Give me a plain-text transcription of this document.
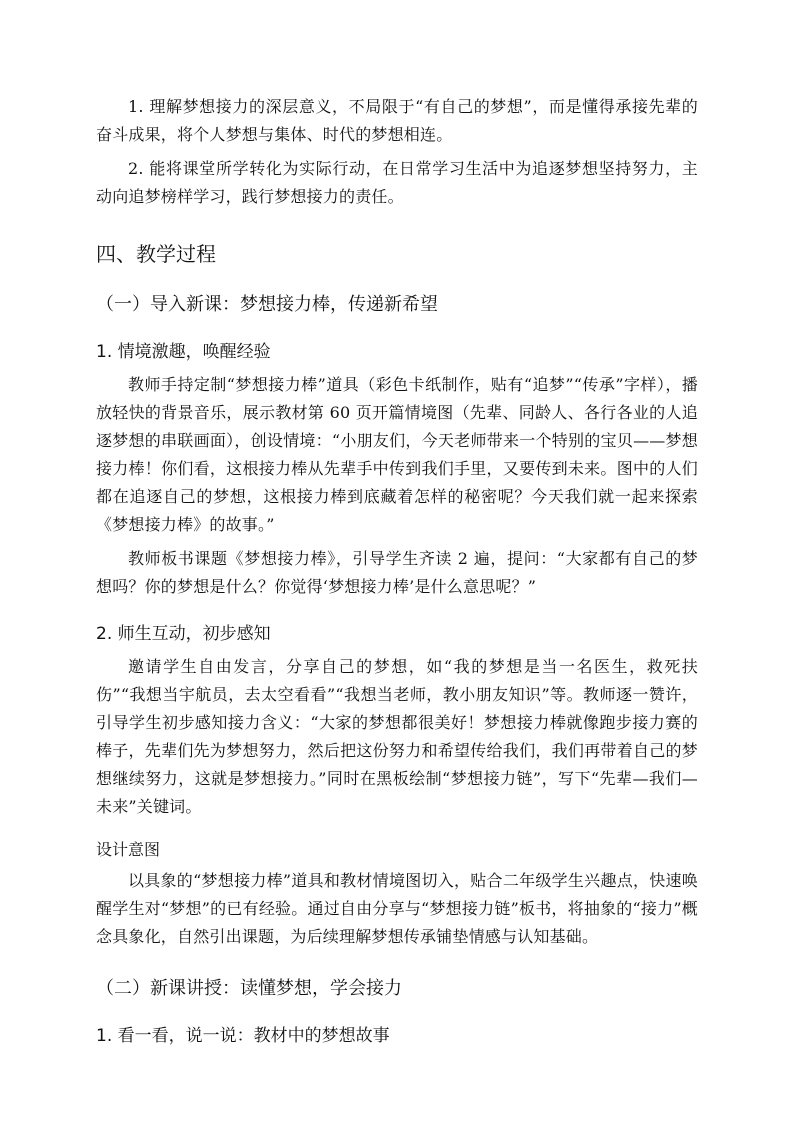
1. 理解梦想接力的深层意义，不局限于“有自己的梦想”，而是懂得承接先辈的奋斗成果，将个人梦想与集体、时代的梦想相连。

2. 能将课堂所学转化为实际行动，在日常学习生活中为追逐梦想坚持努力，主动向追梦榜样学习，践行梦想接力的责任。

四、教学过程
（一）导入新课：梦想接力棒，传递新希望
1. 情境激趣，唤醒经验

教师手持定制“梦想接力棒”道具（彩色卡纸制作，贴有“追梦”“传承”字样），播放轻快的背景音乐，展示教材第 60 页开篇情境图（先辈、同龄人、各行各业的人追逐梦想的串联画面），创设情境：“小朋友们，今天老师带来一个特别的宝贝——梦想接力棒！你们看，这根接力棒从先辈手中传到我们手里，又要传到未来。图中的人们都在追逐自己的梦想，这根接力棒到底藏着怎样的秘密呢？今天我们就一起来探索《梦想接力棒》的故事。”

教师板书课题《梦想接力棒》，引导学生齐读 2 遍，提问：“大家都有自己的梦想吗？你的梦想是什么？你觉得‘梦想接力棒’是什么意思呢？”

2. 师生互动，初步感知

邀请学生自由发言，分享自己的梦想，如“我的梦想是当一名医生，救死扶伤”“我想当宇航员，去太空看看”“我想当老师，教小朋友知识”等。教师逐一赞许，引导学生初步感知接力含义：“大家的梦想都很美好！梦想接力棒就像跑步接力赛的棒子，先辈们先为梦想努力，然后把这份努力和希望传给我们，我们再带着自己的梦想继续努力，这就是梦想接力。”同时在黑板绘制“梦想接力链”，写下“先辈—我们—未来”关键词。

设计意图

以具象的“梦想接力棒”道具和教材情境图切入，贴合二年级学生兴趣点，快速唤醒学生对“梦想”的已有经验。通过自由分享与“梦想接力链”板书，将抽象的“接力”概念具象化，自然引出课题，为后续理解梦想传承铺垫情感与认知基础。

（二）新课讲授：读懂梦想，学会接力
1. 看一看，说一说：教材中的梦想故事
